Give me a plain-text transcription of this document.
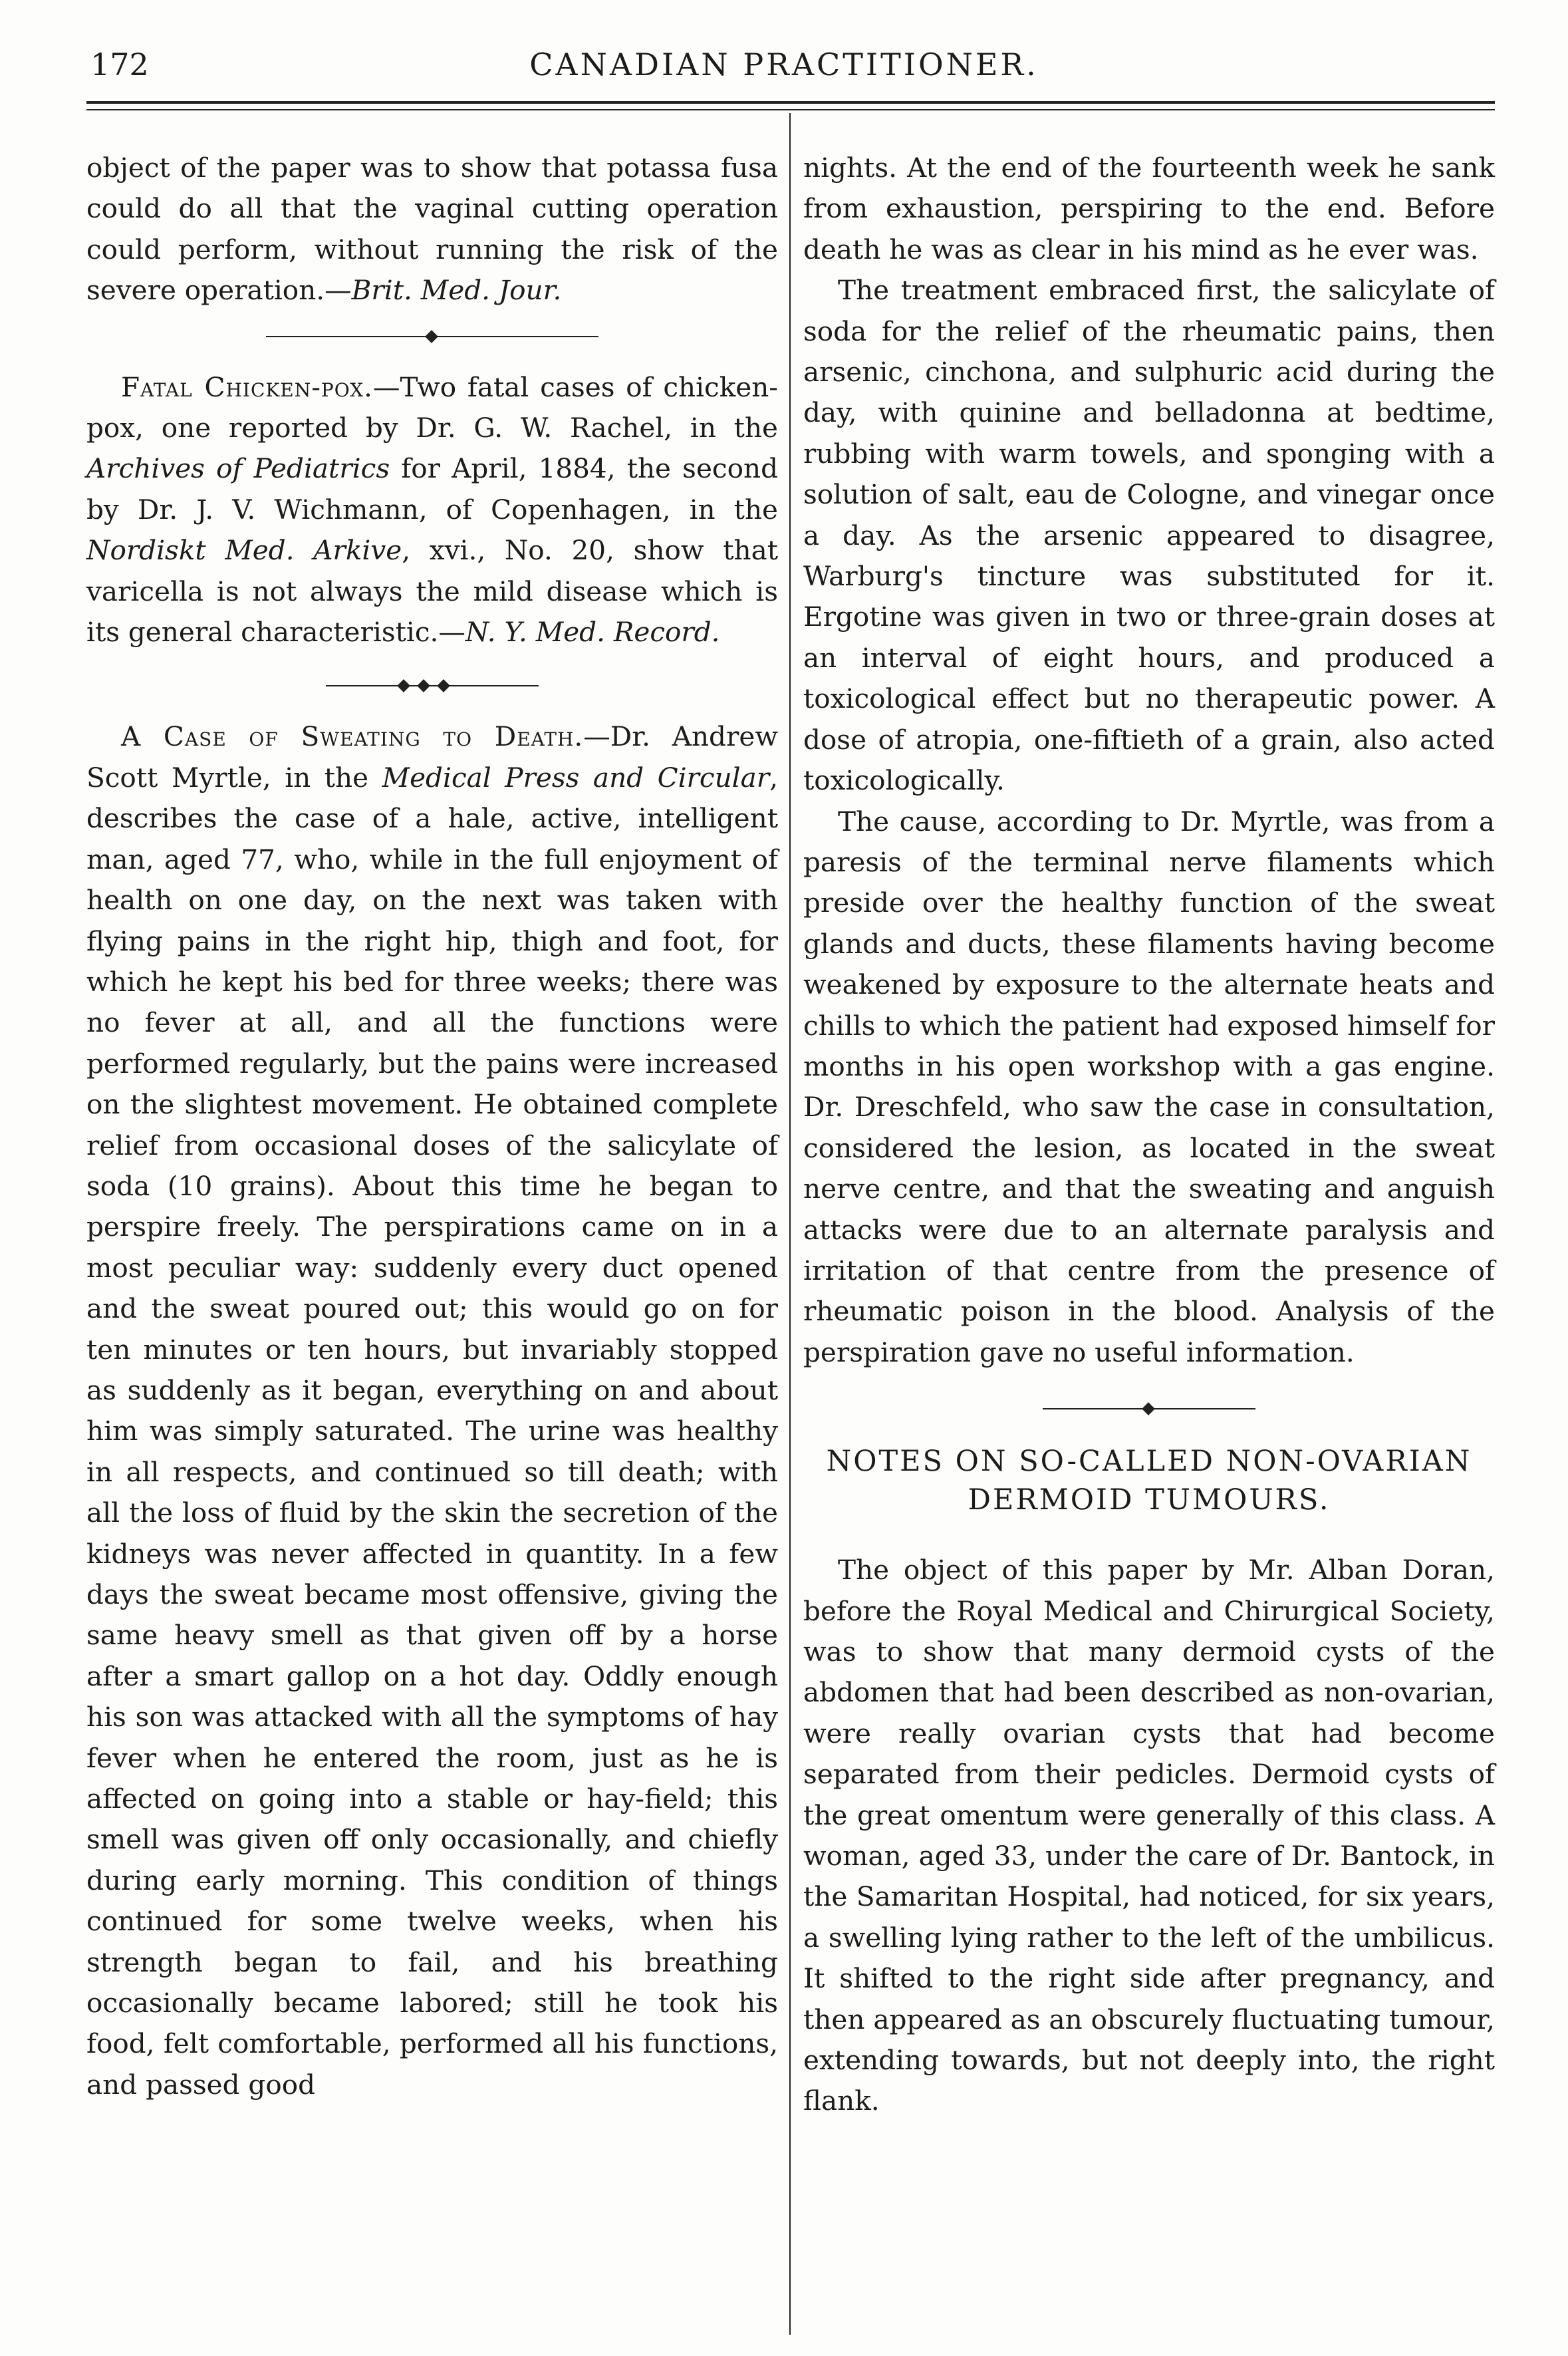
172	CANADIAN PRACTITIONER.

object of the paper was to show that potassa fusa could do all that the vaginal cutting operation could perform, without running the risk of the severe operation.—Brit. Med. Jour.

Fatal Chicken-pox.—Two fatal cases of chicken-pox, one reported by Dr. G. W. Rachel, in the Archives of Pediatrics for April, 1884, the second by Dr. J. V. Wichmann, of Copenhagen, in the Nordiskt Med. Arkive, xvi., No. 20, show that varicella is not always the mild disease which is its general characteristic.—N. Y. Med. Record.

A Case of Sweating to Death.—Dr. Andrew Scott Myrtle, in the Medical Press and Circular, describes the case of a hale, active, intelligent man, aged 77, who, while in the full enjoyment of health on one day, on the next was taken with flying pains in the right hip, thigh and foot, for which he kept his bed for three weeks; there was no fever at all, and all the functions were performed regularly, but the pains were increased on the slightest movement. He obtained complete relief from occasional doses of the salicylate of soda (10 grains). About this time he began to perspire freely. The perspirations came on in a most peculiar way: suddenly every duct opened and the sweat poured out; this would go on for ten minutes or ten hours, but invariably stopped as suddenly as it began, everything on and about him was simply saturated. The urine was healthy in all respects, and continued so till death; with all the loss of fluid by the skin the secretion of the kidneys was never affected in quantity. In a few days the sweat became most offensive, giving the same heavy smell as that given off by a horse after a smart gallop on a hot day. Oddly enough his son was attacked with all the symptoms of hay fever when he entered the room, just as he is affected on going into a stable or hay-field; this smell was given off only occasionally, and chiefly during early morning. This condition of things continued for some twelve weeks, when his strength began to fail, and his breathing occasionally became labored; still he took his food, felt comfortable, performed all his functions, and passed good

nights. At the end of the fourteenth week he sank from exhaustion, perspiring to the end. Before death he was as clear in his mind as he ever was.

The treatment embraced first, the salicylate of soda for the relief of the rheumatic pains, then arsenic, cinchona, and sulphuric acid during the day, with quinine and belladonna at bedtime, rubbing with warm towels, and sponging with a solution of salt, eau de Cologne, and vinegar once a day. As the arsenic appeared to disagree, Warburg's tincture was substituted for it. Ergotine was given in two or three-grain doses at an interval of eight hours, and produced a toxicological effect but no therapeutic power. A dose of atropia, one-fiftieth of a grain, also acted toxicologically.

The cause, according to Dr. Myrtle, was from a paresis of the terminal nerve filaments which preside over the healthy function of the sweat glands and ducts, these filaments having become weakened by exposure to the alternate heats and chills to which the patient had exposed himself for months in his open workshop with a gas engine. Dr. Dreschfeld, who saw the case in consultation, considered the lesion, as located in the sweat nerve centre, and that the sweating and anguish attacks were due to an alternate paralysis and irritation of that centre from the presence of rheumatic poison in the blood. Analysis of the perspiration gave no useful information.

NOTES ON SO-CALLED NON-OVARIAN DERMOID TUMOURS.

The object of this paper by Mr. Alban Doran, before the Royal Medical and Chirurgical Society, was to show that many dermoid cysts of the abdomen that had been described as non-ovarian, were really ovarian cysts that had become separated from their pedicles. Dermoid cysts of the great omentum were generally of this class. A woman, aged 33, under the care of Dr. Bantock, in the Samaritan Hospital, had noticed, for six years, a swelling lying rather to the left of the umbilicus. It shifted to the right side after pregnancy, and then appeared as an obscurely fluctuating tumour, extending towards, but not deeply into, the right flank.
